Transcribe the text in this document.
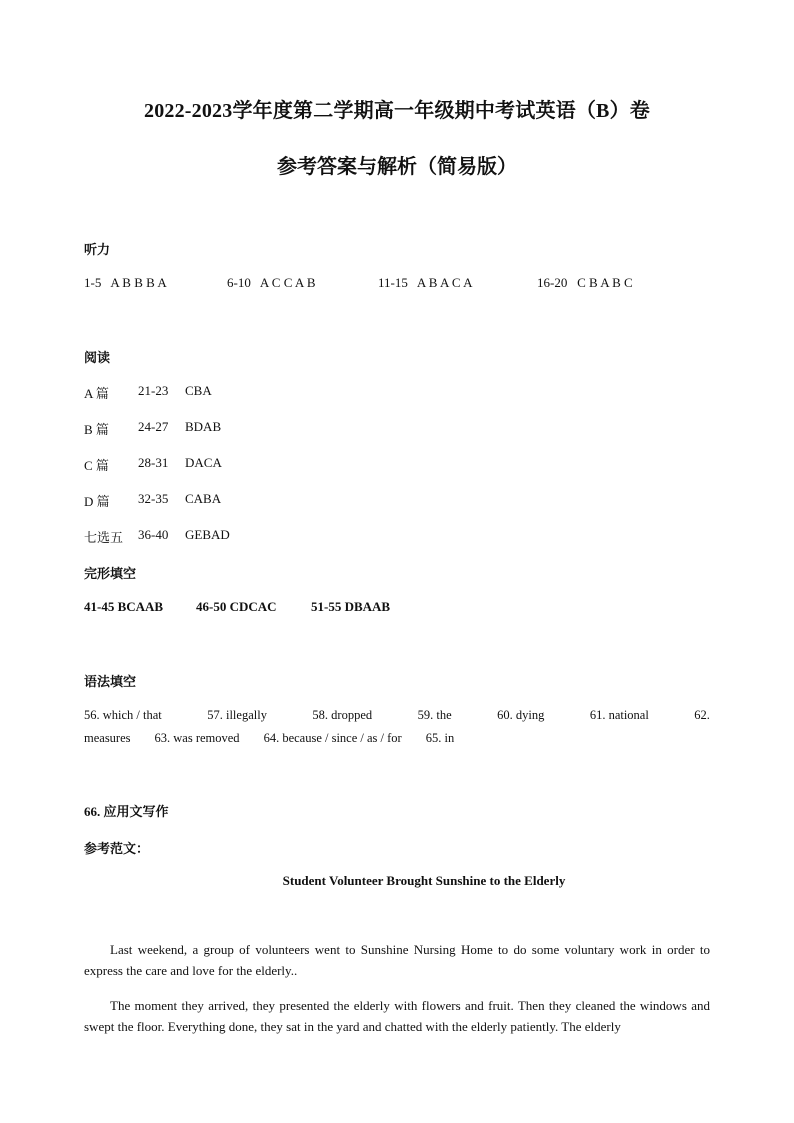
2022-2023学年度第二学期高一年级期中考试英语（B）卷
参考答案与解析（简易版）
听力
1-5   A B B B A	6-10   A C C A B	11-15   A B A C A	16-20   C B A B C
阅读
A 篇 21-23 CBA
B 篇 24-27 BDAB
C 篇 28-31 DACA
D 篇 32-35 CABA
七选五 36-40 GEBAD
完形填空
41-45 BCAAB	46-50 CDCAC	51-55 DBAAB
语法填空
56. which / that	57. illegally	58. dropped	59. the	60. dying	61. national	62.
measures 63. was removed 64. because / since / as / for 65. in
66. 应用文写作
参考范文：
Student Volunteer Brought Sunshine to the Elderly

Last weekend, a group of volunteers went to Sunshine Nursing Home to do some voluntary work in order to express the care and love for the elderly..

The moment they arrived, they presented the elderly with flowers and fruit. Then they cleaned the windows and swept the floor. Everything done, they sat in the yard and chatted with the elderly patiently. The elderly
